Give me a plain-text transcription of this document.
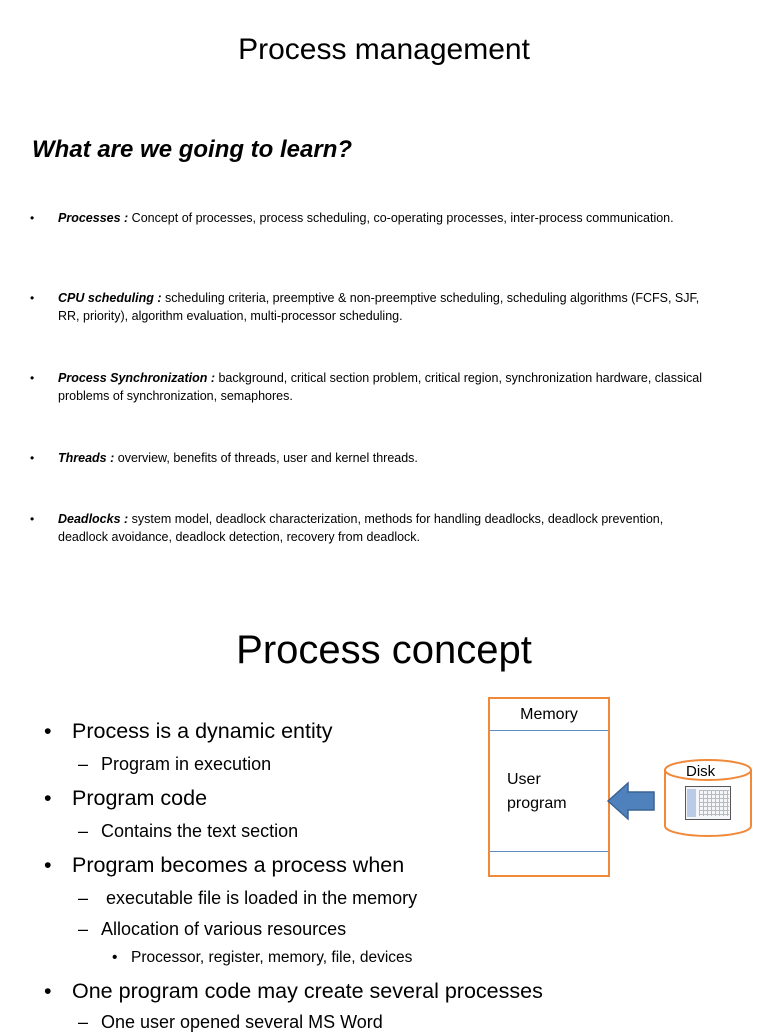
Process management
What are we going to learn?
• Processes : Concept of processes, process scheduling, co-operating processes, inter-process communication.
• CPU scheduling : scheduling criteria, preemptive & non-preemptive scheduling, scheduling algorithms (FCFS, SJF, RR, priority), algorithm evaluation, multi-processor scheduling.
• Process Synchronization : background, critical section problem, critical region, synchronization hardware, classical problems of synchronization, semaphores.
• Threads : overview, benefits of threads, user and kernel threads.
• Deadlocks : system model, deadlock characterization, methods for handling deadlocks, deadlock prevention, deadlock avoidance, deadlock detection, recovery from deadlock.
Process concept
• Process is a dynamic entity
– Program in execution
• Program code
– Contains the text section
• Program becomes a process when
– executable file is loaded in the memory
– Allocation of various resources
• Processor, register, memory, file, devices
• One program code may create several processes
– One user opened several MS Word
Memory
User
program
Disk
